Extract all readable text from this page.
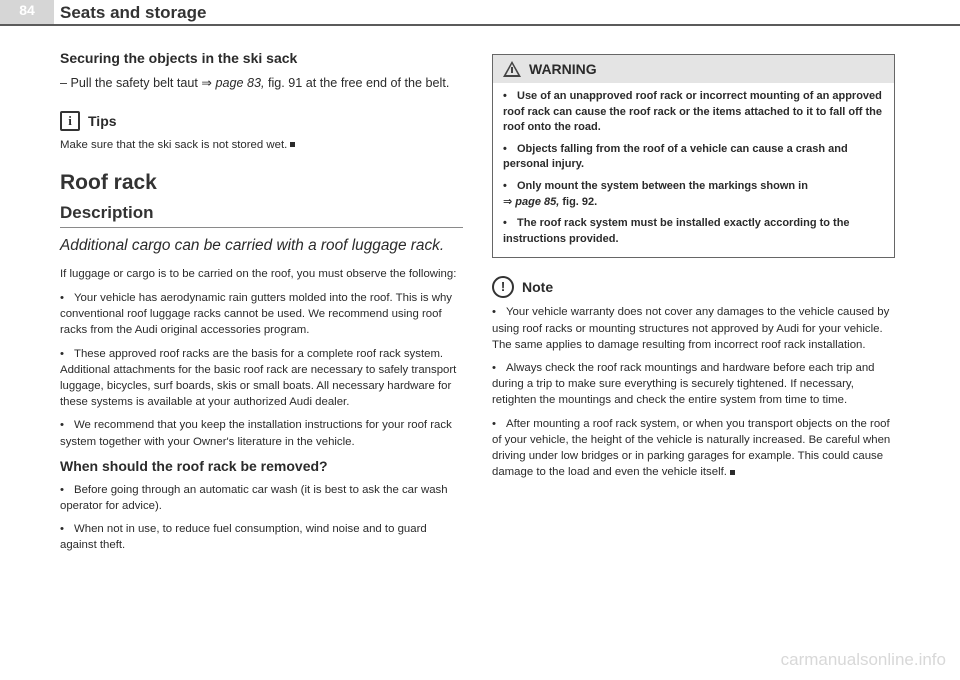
84	Seats and storage
Securing the objects in the ski sack
– Pull the safety belt taut ⇒ page 83, fig. 91 at the free end of the belt.
i	Tips

Make sure that the ski sack is not stored wet.

Roof rack
Description
Additional cargo can be carried with a roof luggage rack.

If luggage or cargo is to be carried on the roof, you must observe the following:

• Your vehicle has aerodynamic rain gutters molded into the roof. This is why conventional roof luggage racks cannot be used. We recommend using roof racks from the Audi original accessories program.
• These approved roof racks are the basis for a complete roof rack system. Additional attachments for the basic roof rack are necessary to safely transport luggage, bicycles, surf boards, skis or small boats. All necessary hardware for these systems is available at your authorized Audi dealer.
• We recommend that you keep the installation instructions for your roof rack system together with your Owner's literature in the vehicle.
When should the roof rack be removed?
• Before going through an automatic car wash (it is best to ask the car wash operator for advice).
• When not in use, to reduce fuel consumption, wind noise and to guard against theft.
WARNING
• Use of an unapproved roof rack or incorrect mounting of an approved roof rack can cause the roof rack or the items attached to it to fall off the roof onto the road.
• Objects falling from the roof of a vehicle can cause a crash and personal injury.
• Only mount the system between the markings shown in
⇒ page 85, fig. 92.
• The roof rack system must be installed exactly according to the instructions provided.
!	Note
• Your vehicle warranty does not cover any damages to the vehicle caused by using roof racks or mounting structures not approved by Audi for your vehicle. The same applies to damage resulting from incorrect roof rack installation.
• Always check the roof rack mountings and hardware before each trip and during a trip to make sure everything is securely tightened. If necessary, retighten the mountings and check the entire system from time to time.
• After mounting a roof rack system, or when you transport objects on the roof of your vehicle, the height of the vehicle is naturally increased. Be careful when driving under low bridges or in parking garages for example. This could cause damage to the load and even the vehicle itself.
carmanualsonline.info
